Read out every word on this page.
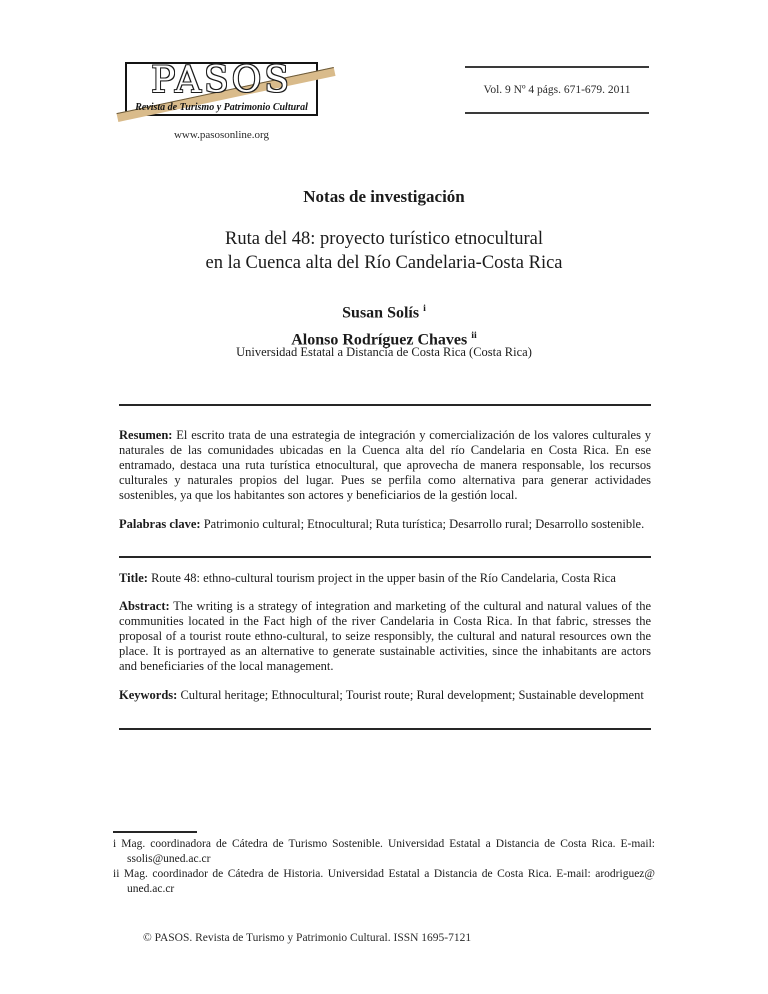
PASOS
Revista de Turismo y Patrimonio Cultural
www.pasosonline.org
Vol. 9 Nº 4 págs. 671-679. 2011
Notas de investigación
Ruta del 48: proyecto turístico etnocultural
en la Cuenca alta del Río Candelaria-Costa Rica
Susan Solís $^i$
Alonso Rodríguez Chaves $^{ii}$
Universidad Estatal a Distancia de Costa Rica (Costa Rica)

Resumen: El escrito trata de una estrategia de integración y comercialización de los valores culturales y naturales de las comunidades ubicadas en la Cuenca alta del río Candelaria en Costa Rica. En ese entramado, destaca una ruta turística etnocultural, que aprovecha de manera responsable, los recursos culturales y naturales propios del lugar. Pues se perfila como alternativa para generar actividades sostenibles, ya que los habitantes son actores y beneficiarios de la gestión local.

Palabras clave: Patrimonio cultural; Etnocultural; Ruta turística; Desarrollo rural; Desarrollo sostenible.

Title: Route 48: ethno-cultural tourism project in the upper basin of the Río Candelaria, Costa Rica

Abstract: The writing is a strategy of integration and marketing of the cultural and natural values of the communities located in the Fact high of the river Candelaria in Costa Rica. In that fabric, stresses the proposal of a tourist route ethno-cultural, to seize responsibly, the cultural and natural resources own the place. It is portrayed as an alternative to generate sustainable activities, since the inhabitants are actors and beneficiaries of the local management.

Keywords: Cultural heritage; Ethnocultural; Tourist route; Rural development; Sustainable development

i Mag. coordinadora de Cátedra de Turismo Sostenible. Universidad Estatal a Distancia de Costa Rica. E-mail: ssolis@uned.ac.cr
ii Mag. coordinador de Cátedra de Historia. Universidad Estatal a Distancia de Costa Rica. E-mail: arodriguez@ uned.ac.cr
© PASOS. Revista de Turismo y Patrimonio Cultural. ISSN 1695-7121
